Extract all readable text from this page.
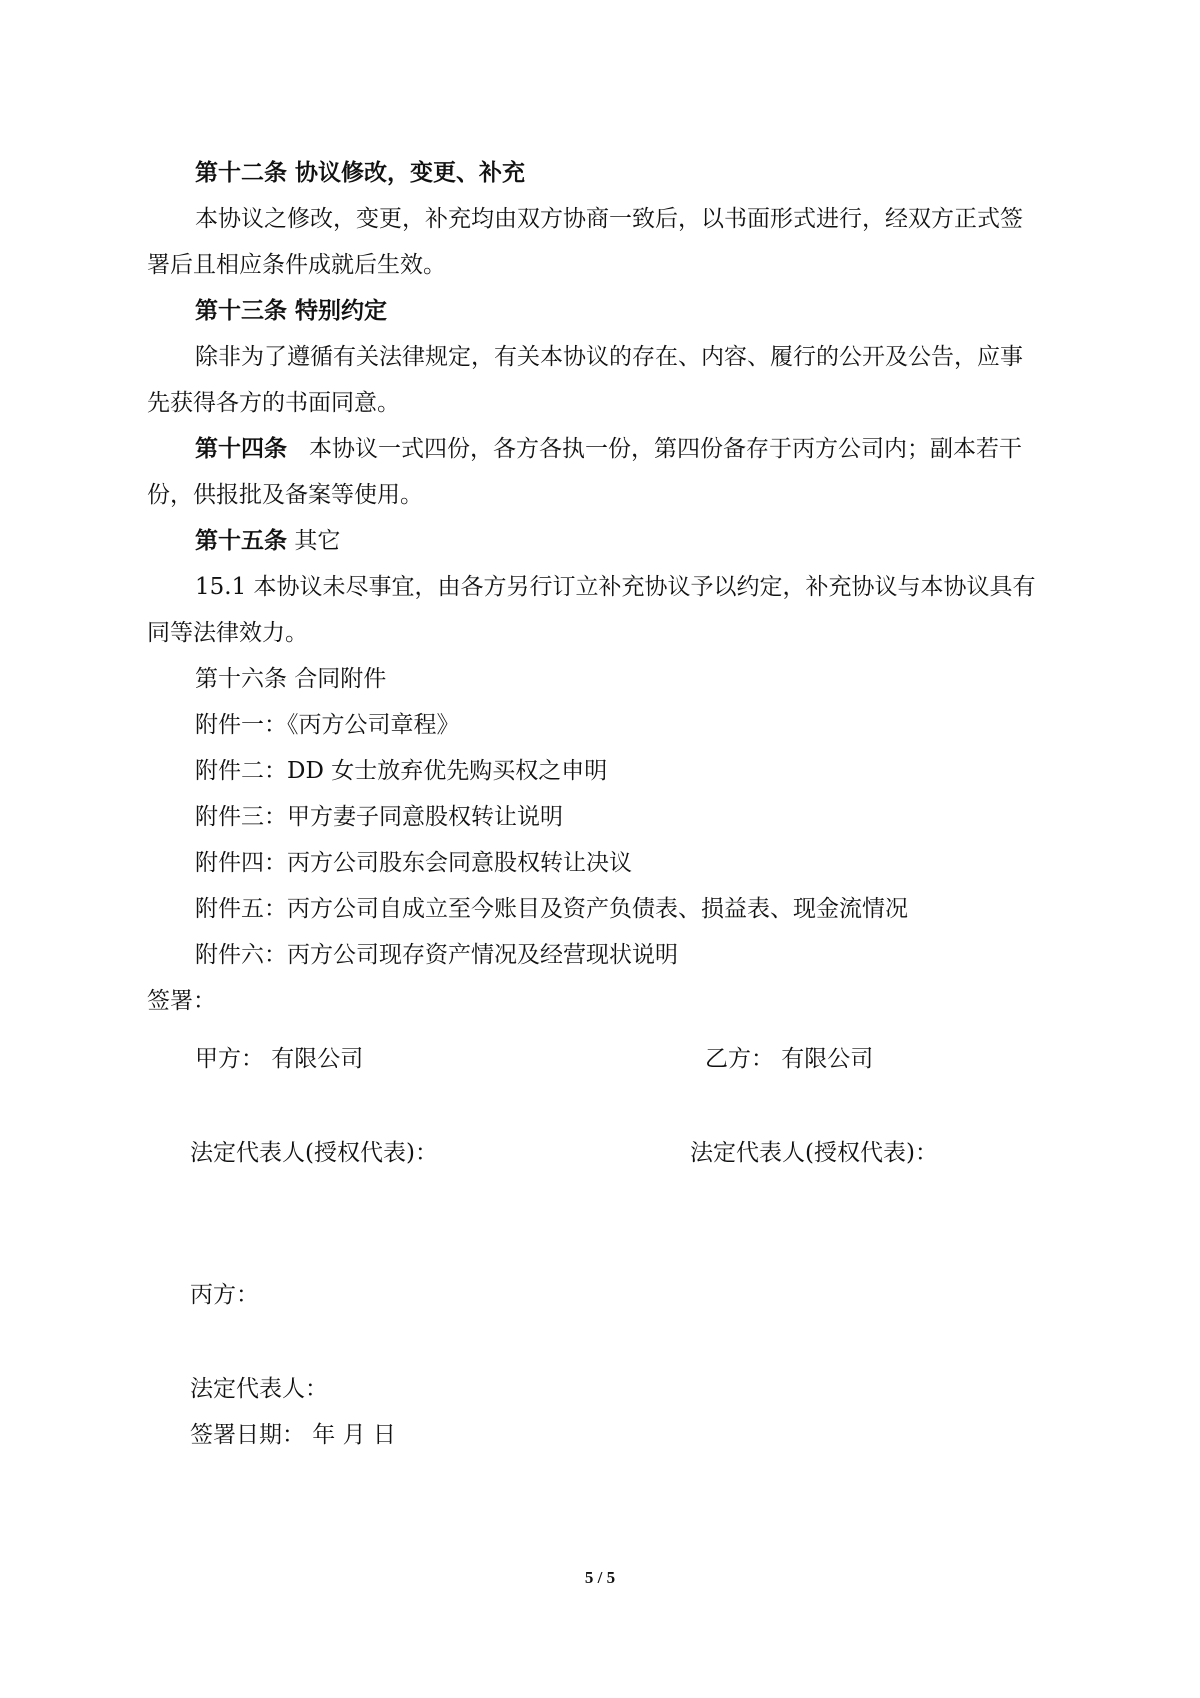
第十二条 协议修改，变更、补充
本协议之修改，变更，补充均由双方协商一致后，以书面形式进行，经双方正式签
署后且相应条件成就后生效。
第十三条 特别约定
除非为了遵循有关法律规定，有关本协议的存在、内容、履行的公开及公告，应事
先获得各方的书面同意。
第十四条 本协议一式四份，各方各执一份，第四份备存于丙方公司内；副本若干
份，供报批及备案等使用。
第十五条 其它
15.1 本协议未尽事宜，由各方另行订立补充协议予以约定，补充协议与本协议具有
同等法律效力。
第十六条 合同附件
附件一：《丙方公司章程》
附件二：DD 女士放弃优先购买权之申明
附件三：甲方妻子同意股权转让说明
附件四：丙方公司股东会同意股权转让决议
附件五：丙方公司自成立至今账目及资产负债表、损益表、现金流情况
附件六：丙方公司现存资产情况及经营现状说明
签署：
甲方： 有限公司	乙方： 有限公司
法定代表人(授权代表)：	法定代表人(授权代表)：
丙方：
法定代表人：
签署日期： 年 月 日
5 / 5
